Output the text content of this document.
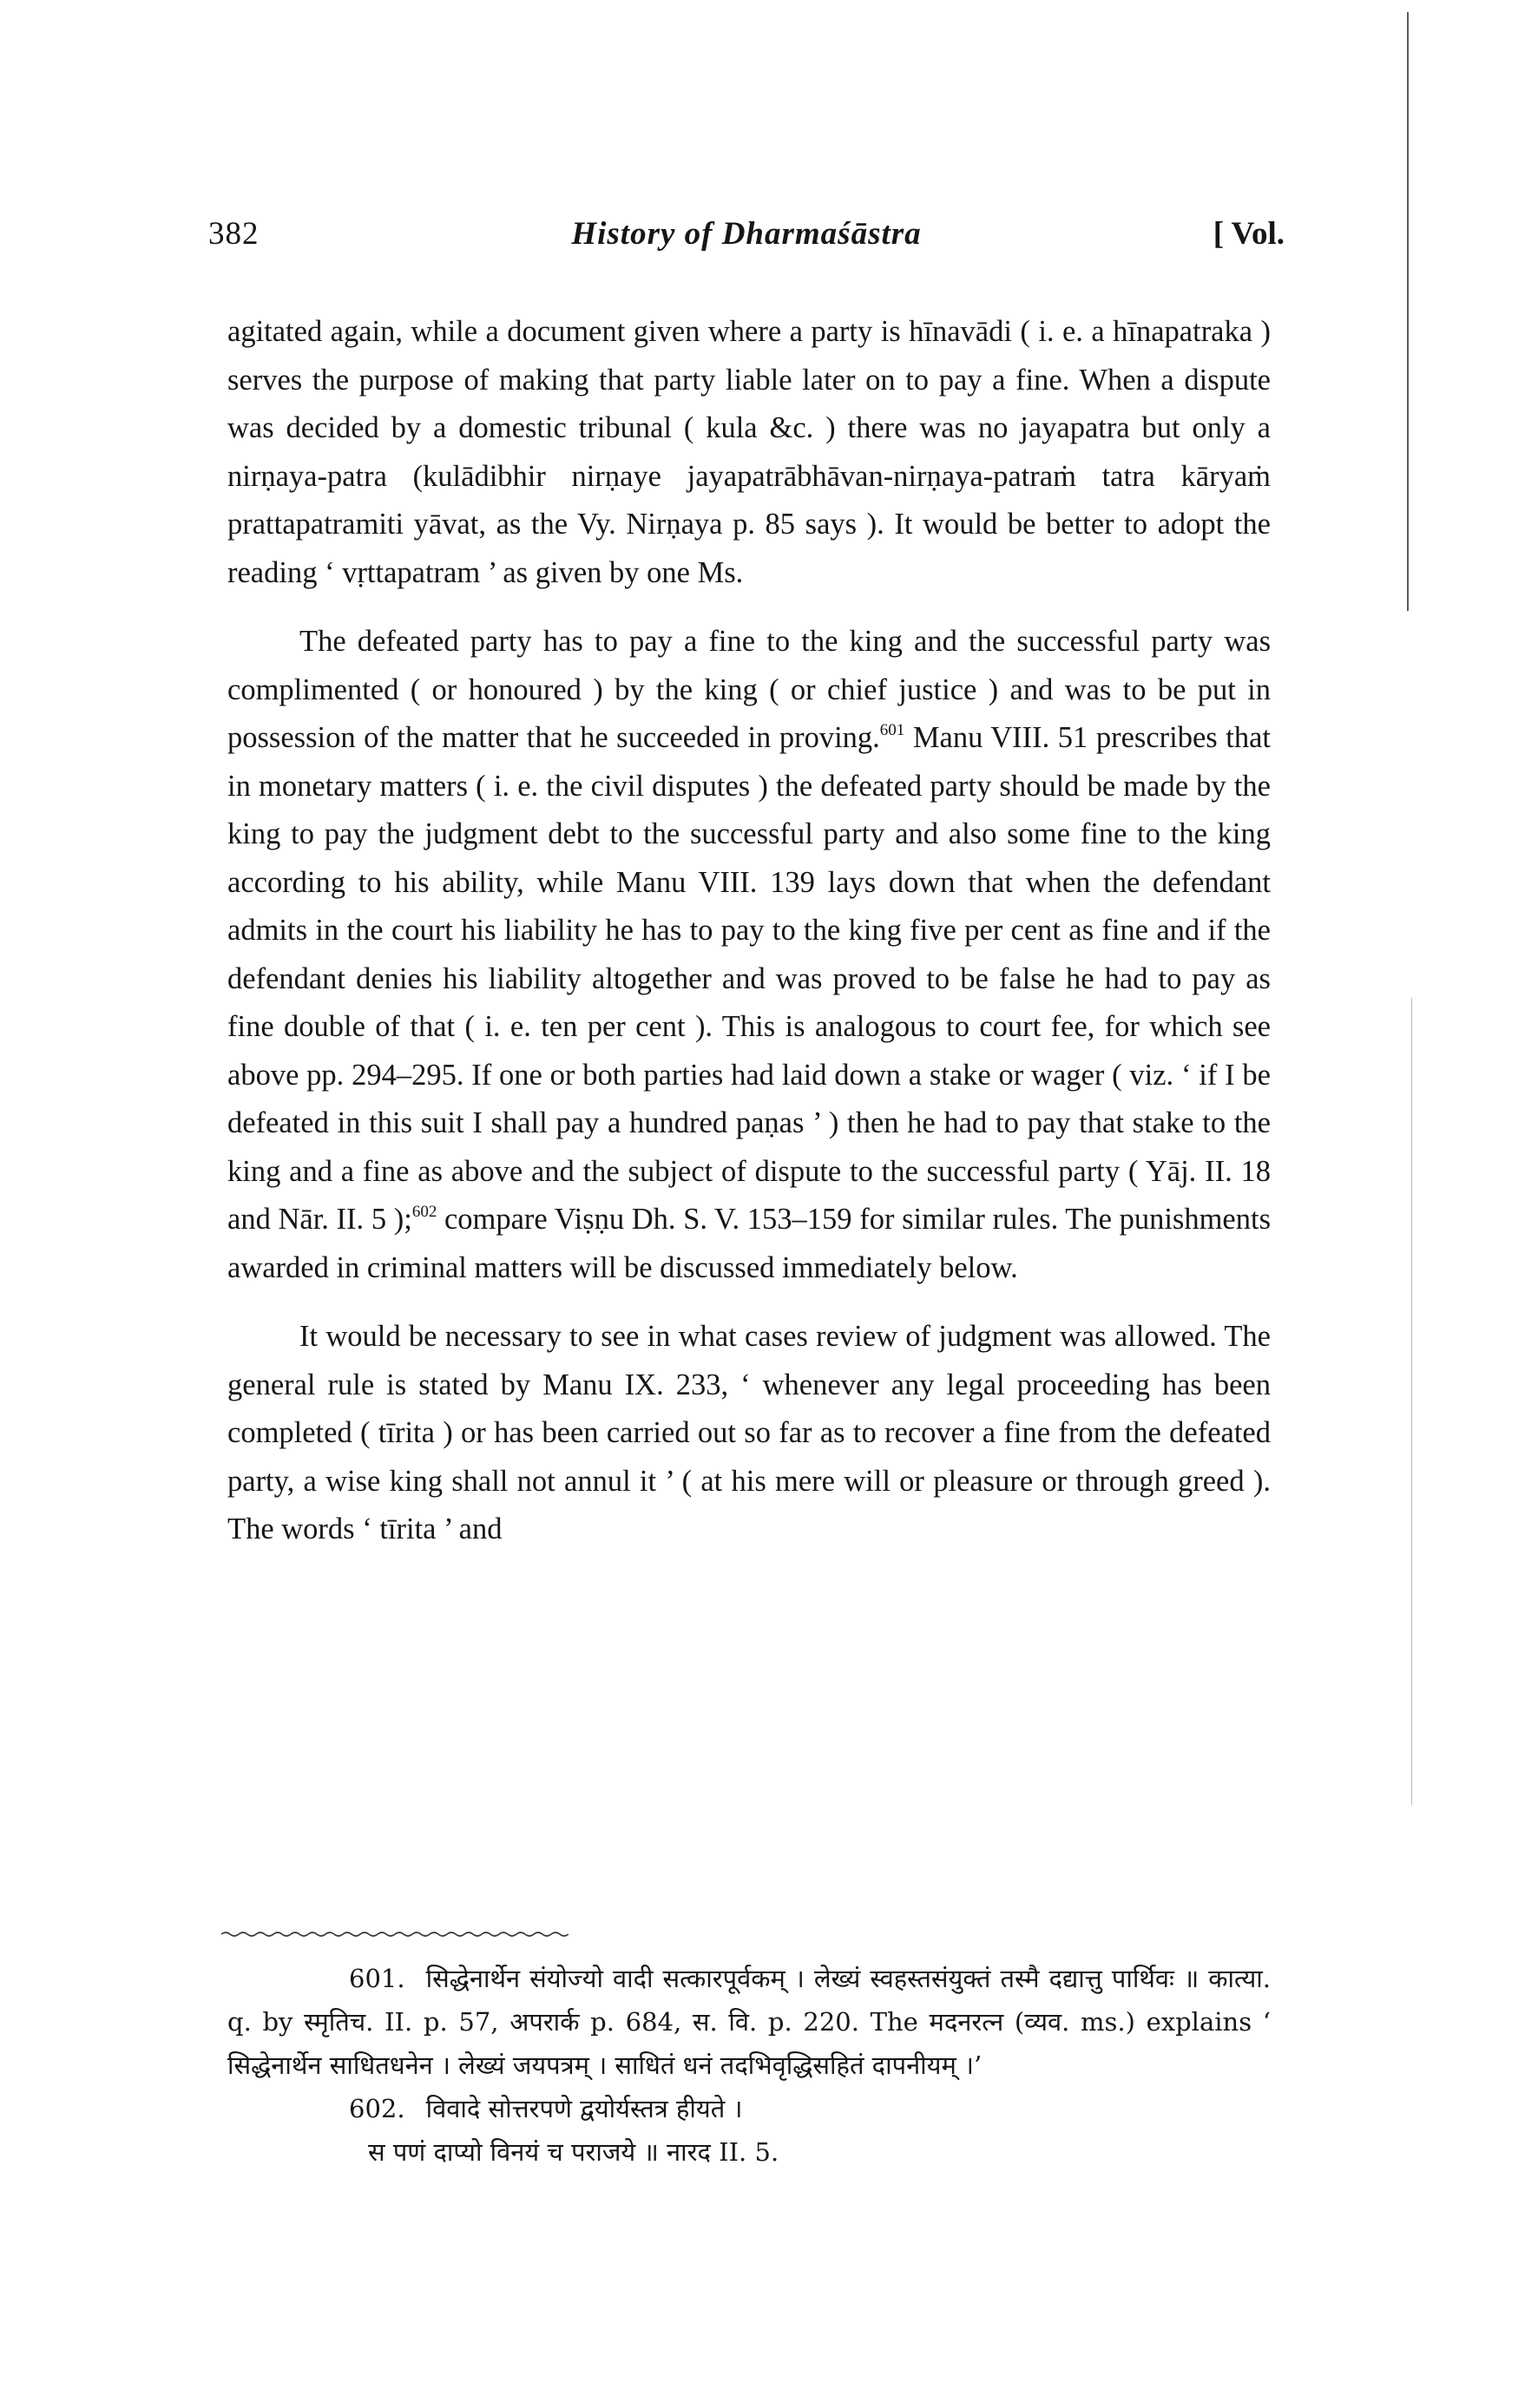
382	History of Dharmaśāstra	[ Vol.

agitated again, while a document given where a party is hīnavādi ( i. e. a hīnapatraka ) serves the purpose of making that party liable later on to pay a fine. When a dispute was decided by a domestic tribunal ( kula &c. ) there was no jayapatra but only a nirṇaya-patra (kulādibhir nirṇaye jayapatrābhāvan-nirṇaya-patraṁ tatra kāryaṁ prattapatramiti yāvat, as the Vy. Nirṇaya p. 85 says ). It would be better to adopt the reading ‘ vṛttapatram ’ as given by one Ms.

The defeated party has to pay a fine to the king and the successful party was complimented ( or honoured ) by the king ( or chief justice ) and was to be put in possession of the matter that he succeeded in proving.$^{601}$ Manu VIII. 51 prescribes that in monetary matters ( i. e. the civil disputes ) the defeated party should be made by the king to pay the judgment debt to the successful party and also some fine to the king according to his ability, while Manu VIII. 139 lays down that when the defendant admits in the court his liability he has to pay to the king five per cent as fine and if the defendant denies his liability altogether and was proved to be false he had to pay as fine double of that ( i. e. ten per cent ). This is analogous to court fee, for which see above pp. 294–295. If one or both parties had laid down a stake or wager ( viz. ‘ if I be defeated in this suit I shall pay a hundred paṇas ’ ) then he had to pay that stake to the king and a fine as above and the subject of dispute to the successful party ( Yāj. II. 18 and Nār. II. 5 );$^{602}$ compare Viṣṇu Dh. S. V. 153–159 for similar rules. The punishments awarded in criminal matters will be discussed immediately below.

It would be necessary to see in what cases review of judgment was allowed. The general rule is stated by Manu IX. 233, ‘ whenever any legal proceeding has been completed ( tīrita ) or has been carried out so far as to recover a fine from the defeated party, a wise king shall not annul it ’ ( at his mere will or pleasure or through greed ). The words ‘ tīrita ’ and

601. सिद्धेनार्थेन संयोज्यो वादी सत्कारपूर्वकम् । लेख्यं स्वहस्तसंयुक्तं तस्मै दद्यात्तु पार्थिवः ॥ कात्या. q. by स्मृतिच. II. p. 57, अपरार्क p. 684, स. वि. p. 220. The मदनरत्न (व्यव. ms.) explains ‘ सिद्धेनार्थेन साधितधनेन । लेख्यं जयपत्रम् । साधितं धनं तदभिवृद्धिसहितं दापनीयम् ।’

602. विवादे सोत्तरपणे द्वयोर्यस्तत्र हीयते ।

स पणं दाप्यो विनयं च पराजये ॥ नारद II. 5.
